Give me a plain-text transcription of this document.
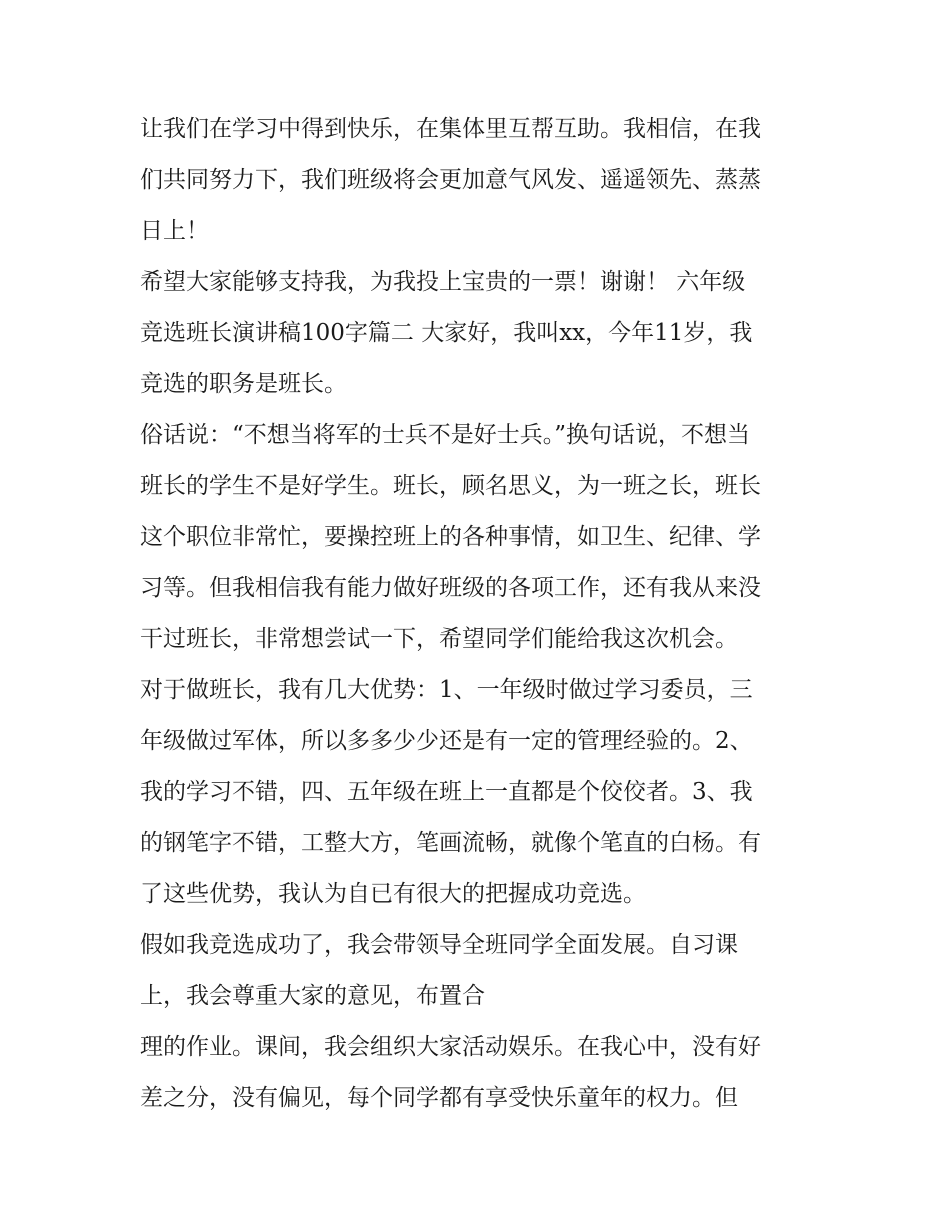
让我们在学习中得到快乐，在集体里互帮互助。我相信，在我
们共同努力下，我们班级将会更加意气风发、遥遥领先、蒸蒸
日上！
希望大家能够支持我，为我投上宝贵的一票！谢谢！ 六年级
竞选班长演讲稿100字篇二 大家好，我叫xx，今年11岁，我
竞选的职务是班长。
俗话说：“不想当将军的士兵不是好士兵。”换句话说，不想当
班长的学生不是好学生。班长，顾名思义，为一班之长，班长
这个职位非常忙，要操控班上的各种事情，如卫生、纪律、学
习等。但我相信我有能力做好班级的各项工作，还有我从来没
干过班长，非常想尝试一下，希望同学们能给我这次机会。
对于做班长，我有几大优势：1、一年级时做过学习委员，三
年级做过军体，所以多多少少还是有一定的管理经验的。2、
我的学习不错，四、五年级在班上一直都是个佼佼者。3、我
的钢笔字不错，工整大方，笔画流畅，就像个笔直的白杨。有
了这些优势，我认为自已有很大的把握成功竞选。
假如我竞选成功了，我会带领导全班同学全面发展。自习课
上，我会尊重大家的意见，布置合
理的作业。课间，我会组织大家活动娱乐。在我心中，没有好
差之分，没有偏见，每个同学都有享受快乐童年的权力。但
